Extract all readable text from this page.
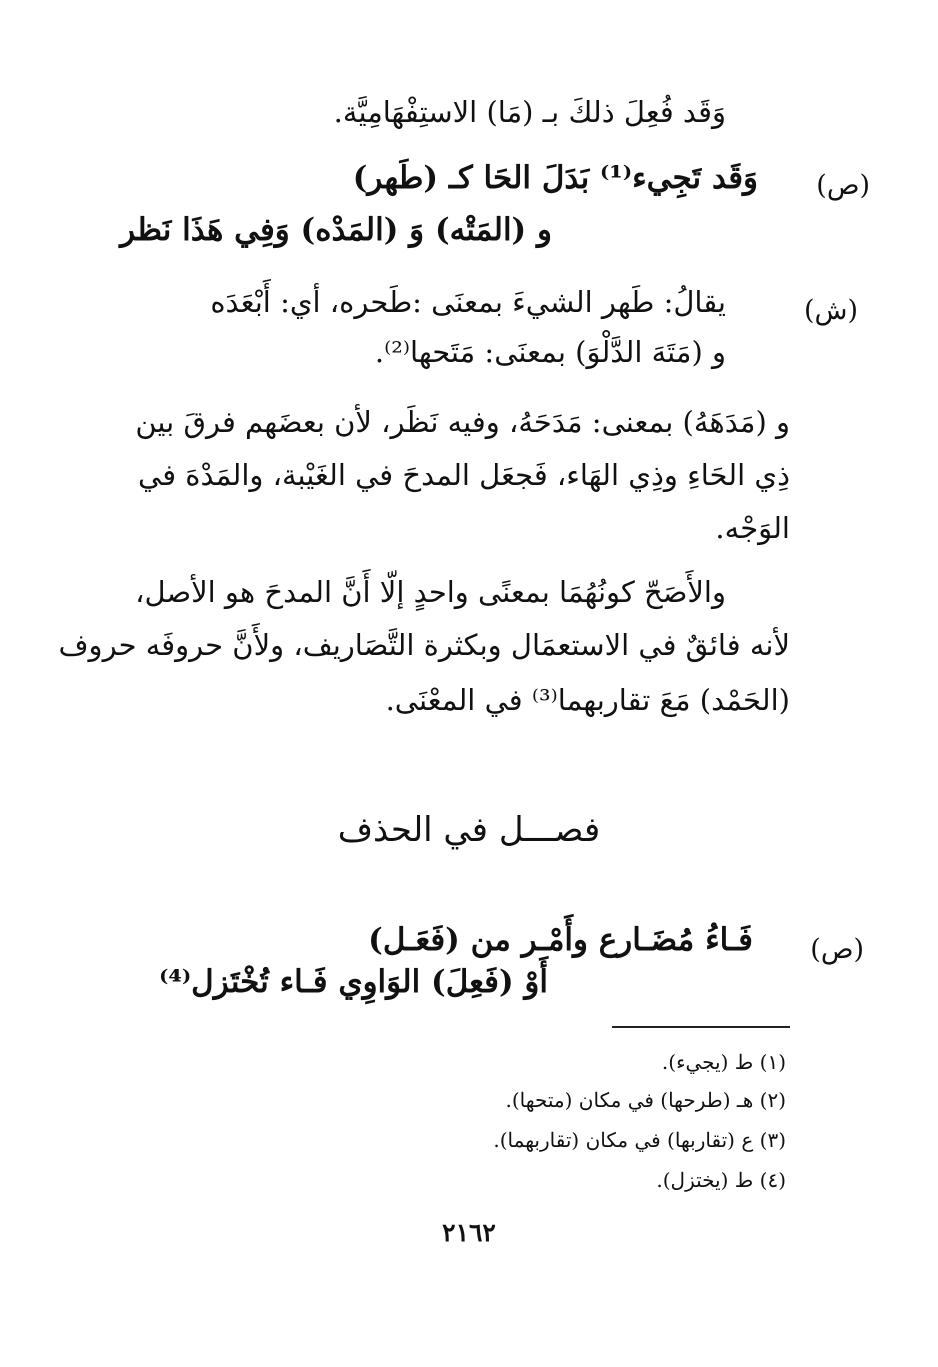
وَقَد فُعِلَ ذلكَ بـ (مَا) الاستِفْهَامِيَّة.
(ص)
وَقَد تَجِيء⁽¹⁾ بَدَلَ الحَا كـ (طَهر)
و (المَتْه) وَ (المَدْه) وَفِي هَذَا نَظر
(ش)
يقالُ: طَهر الشيءَ بمعنَى :طَحره، أي: أَبْعَدَه
و (مَتَهَ الدَّلْوَ) بمعنَى: مَتَحها⁽²⁾.
و (مَدَهَهُ) بمعنى: مَدَحَهُ، وفيه نَظَر، لأن بعضَهم فرقَ بين
ذِي الحَاءِ وذِي الهَاء، فَجعَل المدحَ في الغَيْبة، والمَدْهَ في
الوَجْه.
والأَصَحّ كونُهُمَا بمعنًى واحدٍ إلّا أَنَّ المدحَ هو الأصل،
لأنه فائقٌ في الاستعمَال وبكثرة التَّصَاريف، ولأَنَّ حروفَه حروف
(الحَمْد) مَعَ تقاربهما⁽³⁾ في المعْنَى.
فصـــل في الحذف
(ص)
فَـاءُ مُضَـارع وأَمْـر من (فَعَـل)
أَوْ (فَعِلَ) الوَاوِي فَـاء تُخْتَزل⁽⁴⁾
(١) ط (يجيء).
(٢) هـ (طرحها) في مكان (متحها).
(٣) ع (تقاربها) في مكان (تقاربهما).
(٤) ط (يختزل).
٢١٦٢
